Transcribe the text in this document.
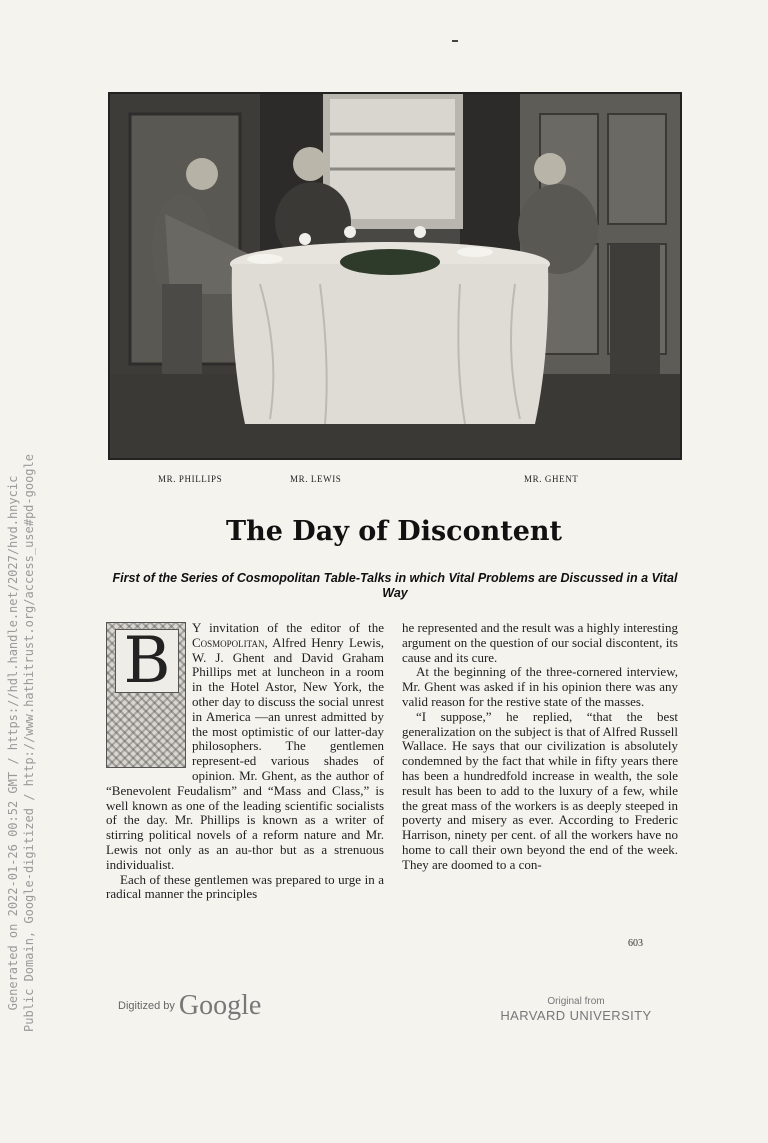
Generated on 2022-01-26 00:52 GMT / https://hdl.handle.net/2027/hvd.hnycic Public Domain, Google-digitized / http://www.hathitrust.org/access_use#pd-google	MR. PHILLIPS	MR. LEWIS	MR. GHENT
The Day of Discontent
First of the Series of Cosmopolitan Table-Talks in which Vital Problems are Discussed in a Vital Way
B	Y invitation of the editor of the Cosmopolitan, Alfred Henry Lewis, W. J. Ghent and David Graham Phillips met at luncheon in a room in the Hotel Astor, New York, the other day to discuss the social unrest in America —an unrest admitted by the most optimistic of our latter-day philosophers. The gentlemen represent-ed various shades of opinion. Mr. Ghent, as the author of “Benevolent Feudalism” and “Mass and Class,” is well known as one of the leading scientific socialists of the day. Mr. Phillips is known as a writer of stirring political novels of a reform nature and Mr. Lewis not only as an au-thor but as a strenuous individualist.

Each of these gentlemen was prepared to urge in a radical manner the principles

he represented and the result was a highly interesting argument on the question of our social discontent, its cause and its cure.

At the beginning of the three-cornered interview, Mr. Ghent was asked if in his opinion there was any valid reason for the restive state of the masses.

“I suppose,” he replied, “that the best generalization on the subject is that of Alfred Russell Wallace. He says that our civilization is absolutely condemned by the fact that while in fifty years there has been a hundredfold increase in wealth, the sole result has been to add to the luxury of a few, while the great mass of the workers is as deeply steeped in poverty and misery as ever. According to Frederic Harrison, ninety per cent. of all the workers have no home to call their own beyond the end of the week. They are doomed to a con-

603
Digitized by Google	Original from
HARVARD UNIVERSITY
